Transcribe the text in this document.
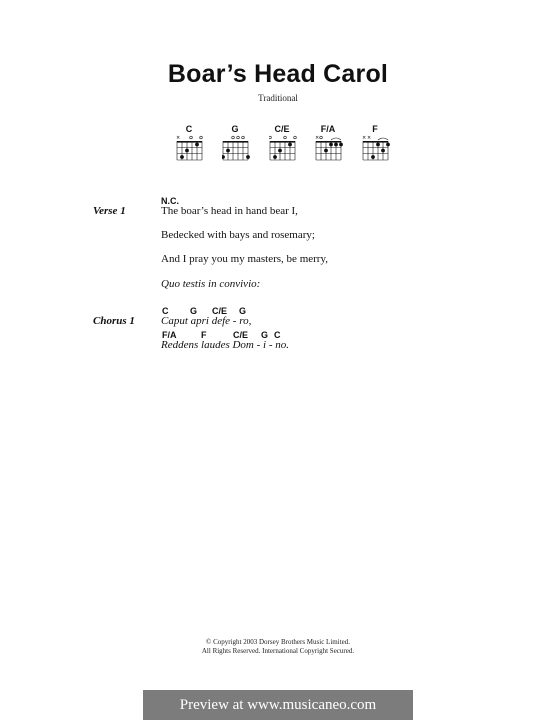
Boar’s Head Carol
Traditional
C
×
G	C/E	F/A
×
F
× ×
N.C.
Verse 1	The boar’s head in hand bear I,
Bedecked with bays and rosemary;
And I pray you my masters, be merry,
Quo testis in convivio:
C G C/E G
Chorus 1 Caput apri defe - ro,
F/A	F	C/E G C
Reddens laudes Dom - i - no.
© Copyright 2003 Dorsey Brothers Music Limited.
All Rights Reserved. International Copyright Secured.
Preview at www.musicaneo.com
